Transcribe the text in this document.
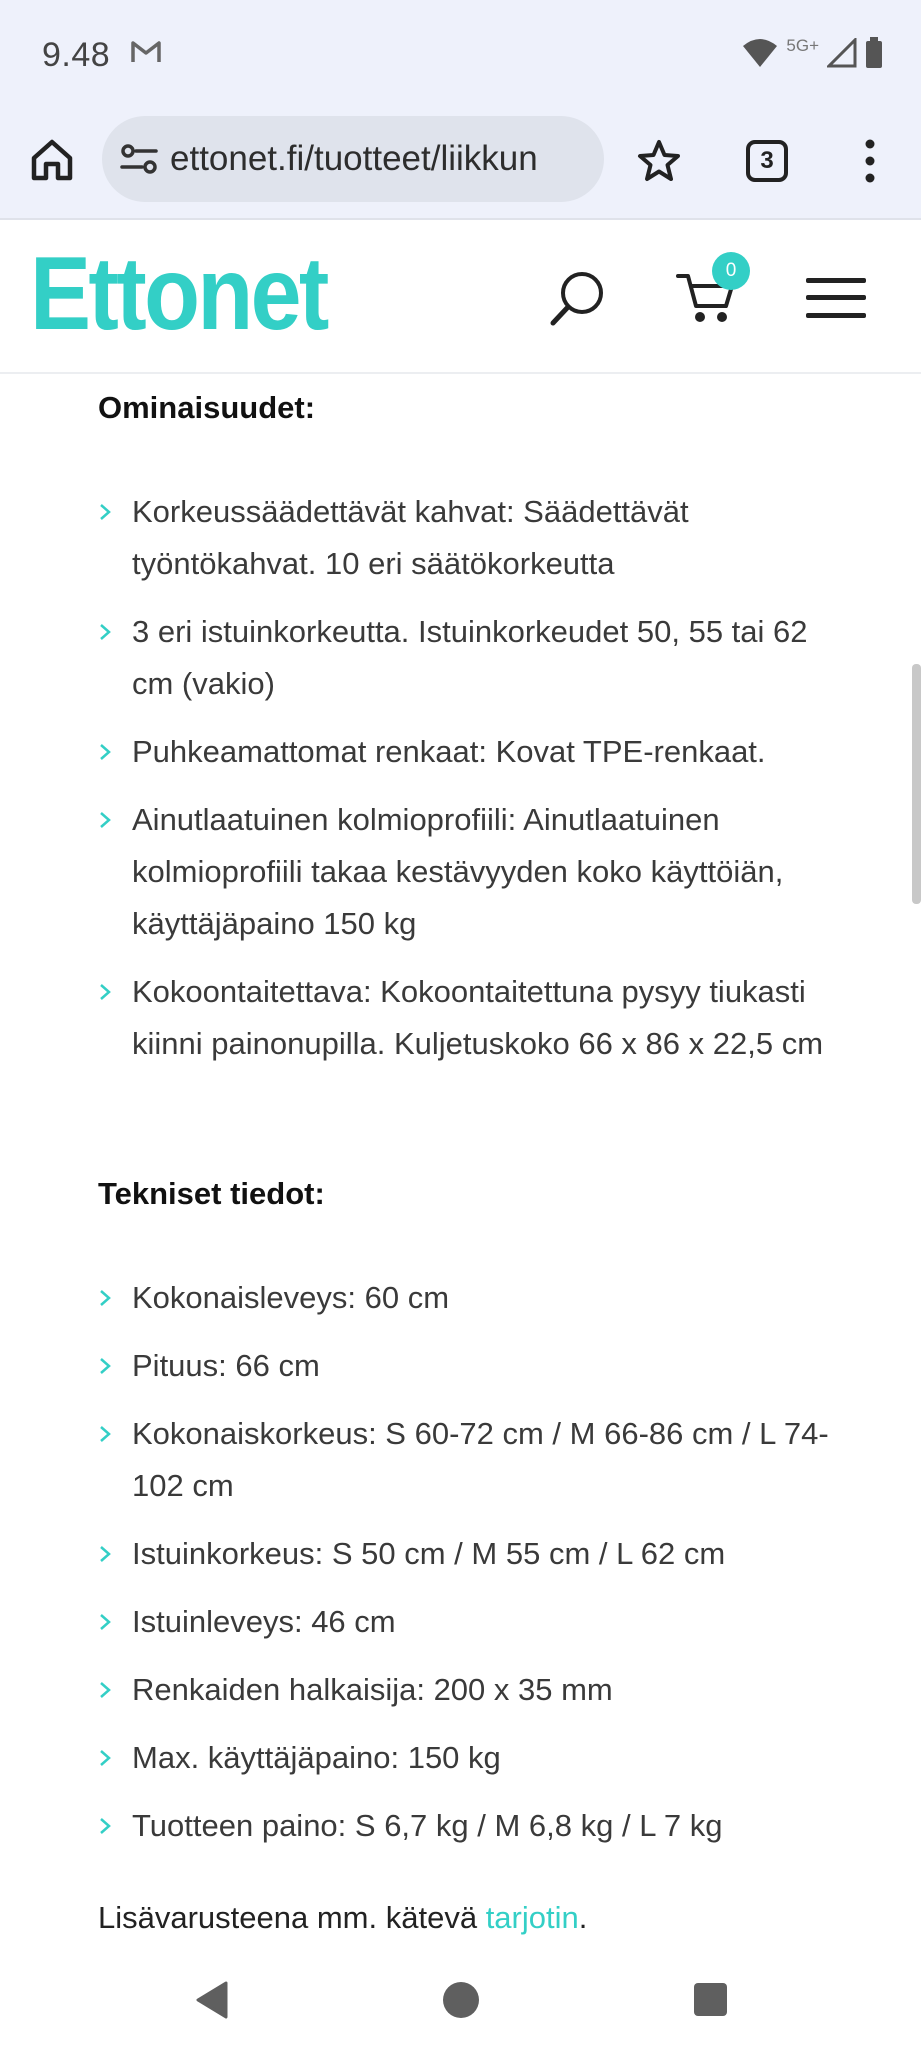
9.48	5G+
ettonet.fi/tuotteet/liikkun	3
Ettonet	0
Ominaisuudet:
Korkeussäädettävät kahvat: Säädettävät työntökahvat. 10 eri säätökorkeutta
3 eri istuinkorkeutta. Istuinkorkeudet 50, 55 tai 62 cm (vakio)
Puhkeamattomat renkaat: Kovat TPE-renkaat.
Ainutlaatuinen kolmioprofiili: Ainutlaatuinen kolmioprofiili takaa kestävyyden koko käyttöiän, käyttäjäpaino 150 kg
Kokoontaitettava: Kokoontaitettuna pysyy tiukasti kiinni painonupilla. Kuljetuskoko 66 x 86 x 22,5 cm
Tekniset tiedot:
Kokonaisleveys: 60 cm
Pituus: 66 cm
Kokonaiskorkeus: S 60-72 cm / M 66-86 cm / L 74-102 cm
Istuinkorkeus: S 50 cm / M 55 cm / L 62 cm
Istuinleveys: 46 cm
Renkaiden halkaisija: 200 x 35 mm
Max. käyttäjäpaino: 150 kg
Tuotteen paino: S 6,7 kg / M 6,8 kg / L 7 kg
Lisävarusteena mm. kätevä tarjotin.
